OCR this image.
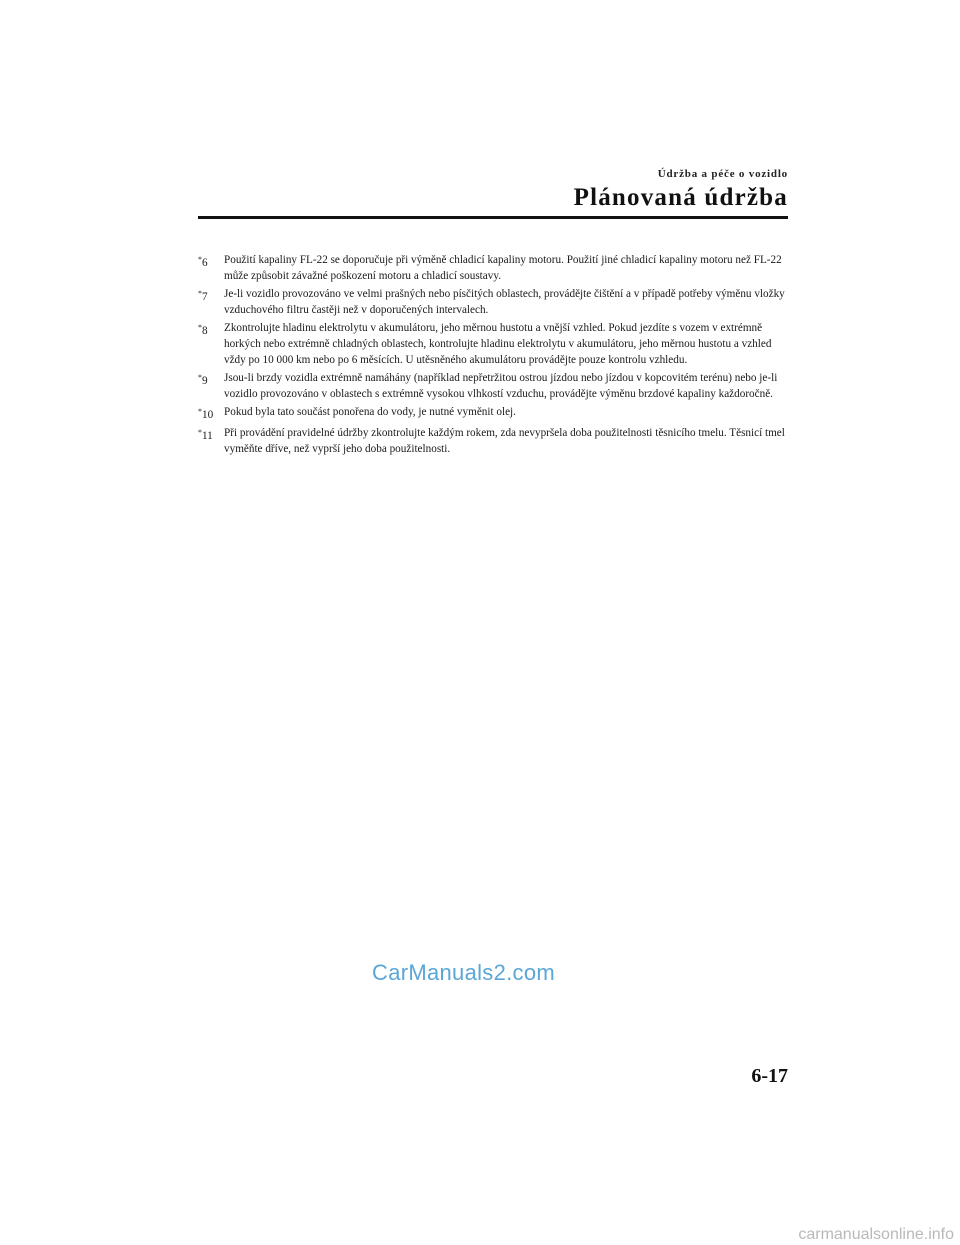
Údržba a péče o vozidlo
Plánovaná údržba
*6	Použití kapaliny FL-22 se doporučuje při výměně chladicí kapaliny motoru. Použití jiné chladicí kapaliny motoru než FL-22 může způsobit závažné poškození motoru a chladicí soustavy.
*7	Je-li vozidlo provozováno ve velmi prašných nebo písčitých oblastech, provádějte čištění a v případě potřeby výměnu vložky vzduchového filtru častěji než v doporučených intervalech.
*8	Zkontrolujte hladinu elektrolytu v akumulátoru, jeho měrnou hustotu a vnější vzhled. Pokud jezdíte s vozem v extrémně horkých nebo extrémně chladných oblastech, kontrolujte hladinu elektrolytu v akumulátoru, jeho měrnou hustotu a vzhled vždy po 10 000 km nebo po 6 měsících. U utěsněného akumulátoru provádějte pouze kontrolu vzhledu.
*9	Jsou-li brzdy vozidla extrémně namáhány (například nepřetržitou ostrou jízdou nebo jízdou v kopcovitém terénu) nebo je-li vozidlo provozováno v oblastech s extrémně vysokou vlhkostí vzduchu, provádějte výměnu brzdové kapaliny každoročně.
*10 Pokud byla tato součást ponořena do vody, je nutné vyměnit olej.
*11	Při provádění pravidelné údržby zkontrolujte každým rokem, zda nevypršela doba použitelnosti těsnicího tmelu. Těsnicí tmel vyměňte dříve, než vyprší jeho doba použitelnosti.
CarManuals2.com
6-17
carmanualsonline.info
